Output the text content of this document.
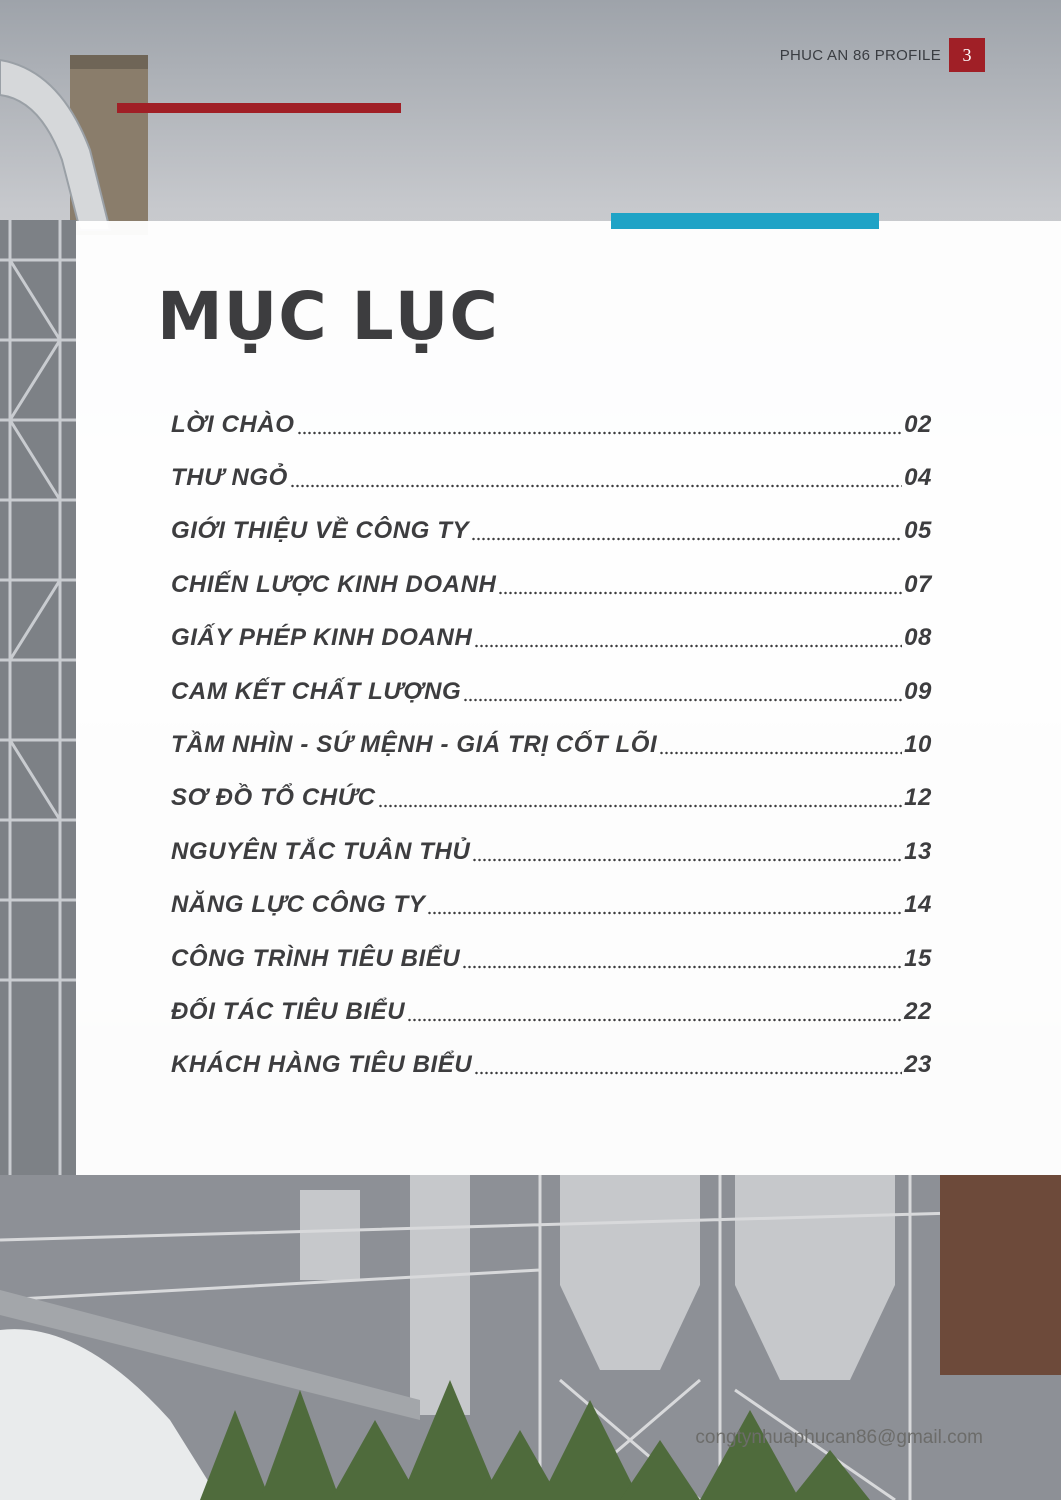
PHUC AN 86 PROFILE	3
MỤC LỤC
LỜI CHÀO	02
THƯ NGỎ	04
GIỚI THIỆU VỀ CÔNG TY	05
CHIẾN LƯỢC KINH DOANH	07
GIẤY PHÉP KINH DOANH	08
CAM KẾT CHẤT LƯỢNG	09
TẦM NHÌN - SỨ MỆNH - GIÁ TRỊ CỐT LÕI	10
SƠ ĐỒ TỔ CHỨC	12
NGUYÊN TẮC TUÂN THỦ	13
NĂNG LỰC CÔNG TY	14
CÔNG TRÌNH TIÊU BIỂU	15
ĐỐI TÁC TIÊU BIỂU	22
KHÁCH HÀNG TIÊU BIỂU	23
congtynhuaphucan86@gmail.com
